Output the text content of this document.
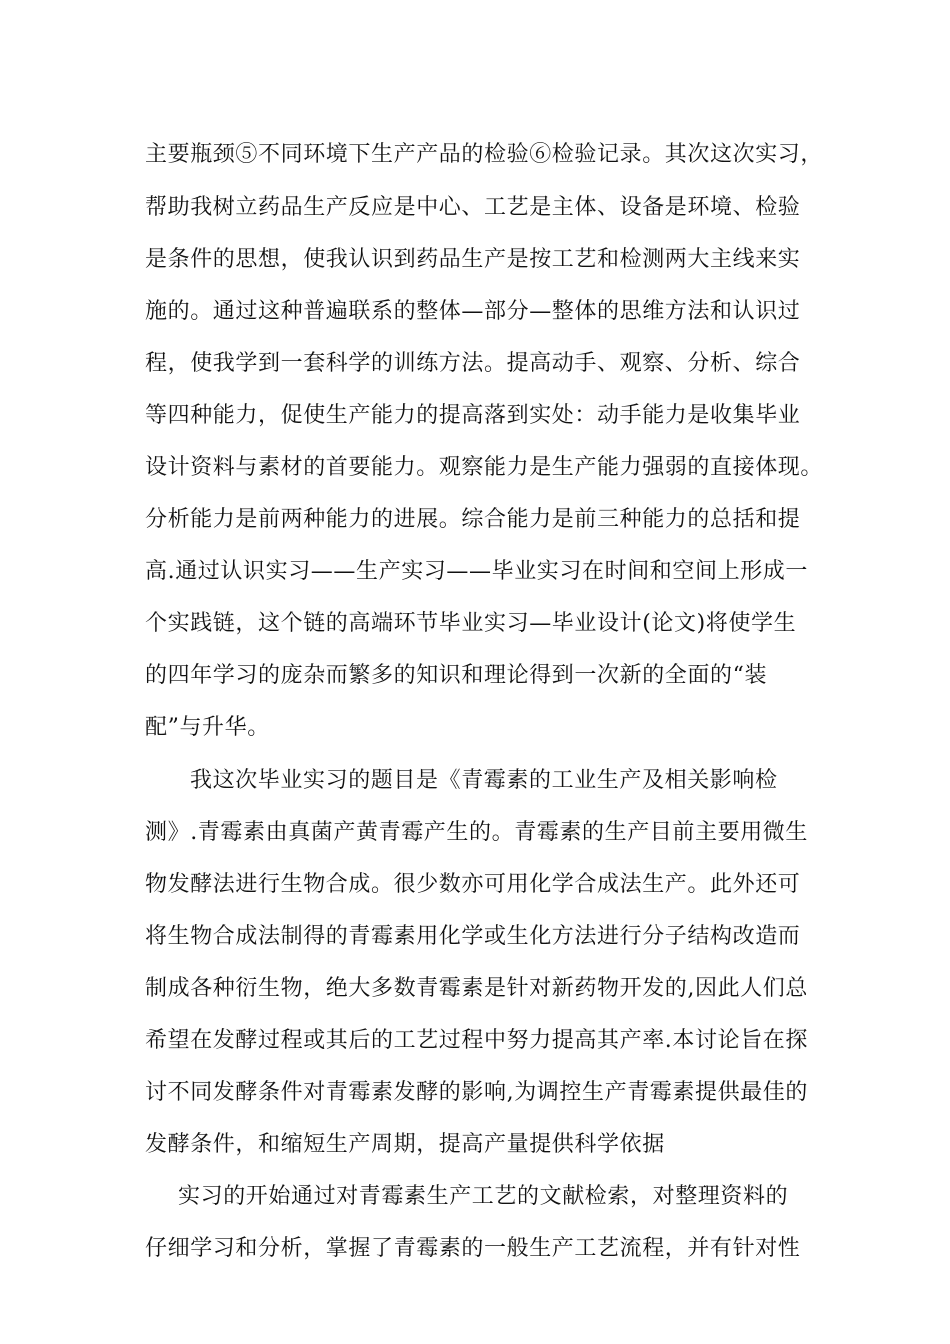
主要瓶颈⑤不同环境下生产产品的检验⑥检验记录。其次这次实习，
帮助我树立药品生产反应是中心、工艺是主体、设备是环境、检验
是条件的思想，使我认识到药品生产是按工艺和检测两大主线来实
施的。通过这种普遍联系的整体—部分—整体的思维方法和认识过
程，使我学到一套科学的训练方法。提高动手、观察、分析、综合
等四种能力，促使生产能力的提高落到实处：动手能力是收集毕业
设计资料与素材的首要能力。观察能力是生产能力强弱的直接体现。
分析能力是前两种能力的进展。综合能力是前三种能力的总括和提
高.通过认识实习——生产实习——毕业实习在时间和空间上形成一
个实践链，这个链的高端环节毕业实习—毕业设计(论文)将使学生
的四年学习的庞杂而繁多的知识和理论得到一次新的全面的“装
配”与升华。
我这次毕业实习的题目是《青霉素的工业生产及相关影响检
测》.青霉素由真菌产黄青霉产生的。青霉素的生产目前主要用微生
物发酵法进行生物合成。很少数亦可用化学合成法生产。此外还可
将生物合成法制得的青霉素用化学或生化方法进行分子结构改造而
制成各种衍生物，绝大多数青霉素是针对新药物开发的,因此人们总
希望在发酵过程或其后的工艺过程中努力提高其产率.本讨论旨在探
讨不同发酵条件对青霉素发酵的影响,为调控生产青霉素提供最佳的
发酵条件，和缩短生产周期，提高产量提供科学依据
实习的开始通过对青霉素生产工艺的文献检索，对整理资料的
仔细学习和分析，掌握了青霉素的一般生产工艺流程，并有针对性
